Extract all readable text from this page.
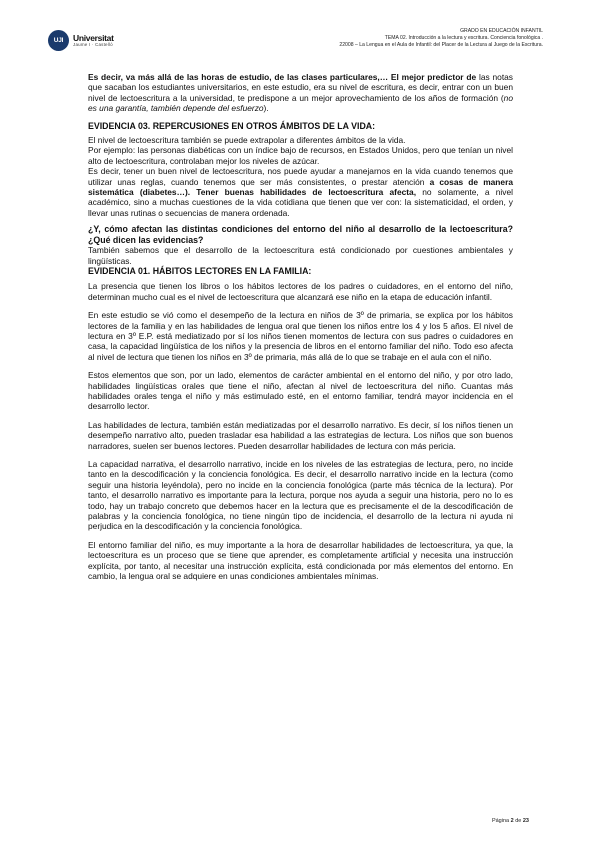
UJI Universitat
Jaume I · Castelló
GRADO EN EDUCACIÓN INFANTIL
TEMA 02. Introducción a la lectura y escritura. Conciencia fonológica .
22008 – La Lengua en el Aula de Infantil: del Placer de la Lectura al Juego de la Escritura.

Es decir, va más allá de las horas de estudio, de las clases particulares,… El mejor predictor de las notas que sacaban los estudiantes universitarios, en este estudio, era su nivel de escritura, es decir, entrar con un buen nivel de lectoescritura a la universidad, te predispone a un mejor aprovechamiento de los años de formación (no es una garantía, también depende del esfuerzo).

EVIDENCIA 03. REPERCUSIONES EN OTROS ÁMBITOS DE LA VIDA:

El nivel de lectoescritura también se puede extrapolar a diferentes ámbitos de la vida.

Por ejemplo: las personas diabéticas con un índice bajo de recursos, en Estados Unidos, pero que tenían un nivel alto de lectoescritura, controlaban mejor los niveles de azúcar.

Es decir, tener un buen nivel de lectoescritura, nos puede ayudar a manejarnos en la vida cuando tenemos que utilizar unas reglas, cuando tenemos que ser más consistentes, o prestar atención a cosas de manera sistemática (diabetes…). Tener buenas habilidades de lectoescritura afecta, no solamente, a nivel académico, sino a muchas cuestiones de la vida cotidiana que tienen que ver con: la sistematicidad, el orden, y llevar unas rutinas o secuencias de manera ordenada.

¿Y, cómo afectan las distintas condiciones del entorno del niño al desarrollo de la lectoescritura? ¿Qué dicen las evidencias?

También sabemos que el desarrollo de la lectoescritura está condicionado por cuestiones ambientales y lingüísticas.

EVIDENCIA 01. HÁBITOS LECTORES EN LA FAMILIA:

La presencia que tienen los libros o los hábitos lectores de los padres o cuidadores, en el entorno del niño, determinan mucho cual es el nivel de lectoescritura que alcanzará ese niño en la etapa de educación infantil.

En este estudio se vió como el desempeño de la lectura en niños de 3º de primaria, se explica por los hábitos lectores de la familia y en las habilidades de lengua oral que tienen los niños entre los 4 y los 5 años. El nivel de lectura en 3º E.P. está mediatizado por sí los niños tienen momentos de lectura con sus padres o cuidadores en casa, la capacidad lingüística de los niños y la presencia de libros en el entorno familiar del niño. Todo eso afecta al nivel de lectura que tienen los niños en 3º de primaria, más allá de lo que se trabaje en el aula con el niño.

Estos elementos que son, por un lado, elementos de carácter ambiental en el entorno del niño, y por otro lado, habilidades lingüísticas orales que tiene el niño, afectan al nivel de lectoescritura del niño. Cuantas más habilidades orales tenga el niño y más estimulado esté, en el entorno familiar, tendrá mayor incidencia en el desarrollo lector.

Las habilidades de lectura, también están mediatizadas por el desarrollo narrativo. Es decir, sí los niños tienen un desempeño narrativo alto, pueden trasladar esa habilidad a las estrategias de lectura. Los niños que son buenos narradores, suelen ser buenos lectores. Pueden desarrollar habilidades de lectura con más pericia.

La capacidad narrativa, el desarrollo narrativo, incide en los niveles de las estrategias de lectura, pero, no incide tanto en la descodificación y la conciencia fonológica. Es decir, el desarrollo narrativo incide en la lectura (como seguir una historia leyéndola), pero no incide en la conciencia fonológica (parte más técnica de la lectura). Por tanto, el desarrollo narrativo es importante para la lectura, porque nos ayuda a seguir una historia, pero no lo es todo, hay un trabajo concreto que debemos hacer en la lectura que es precisamente el de la descodificación de palabras y la conciencia fonológica, no tiene ningún tipo de incidencia, el desarrollo de la lectura ni ayuda ni perjudica en la descodificación y la conciencia fonológica.

El entorno familiar del niño, es muy importante a la hora de desarrollar habilidades de lectoescritura, ya que, la lectoescritura es un proceso que se tiene que aprender, es completamente artificial y necesita una instrucción explícita, por tanto, al necesitar una instrucción explícita, está condicionada por más elementos del entorno. En cambio, la lengua oral se adquiere en unas condiciones ambientales mínimas.

Página 2 de 23
